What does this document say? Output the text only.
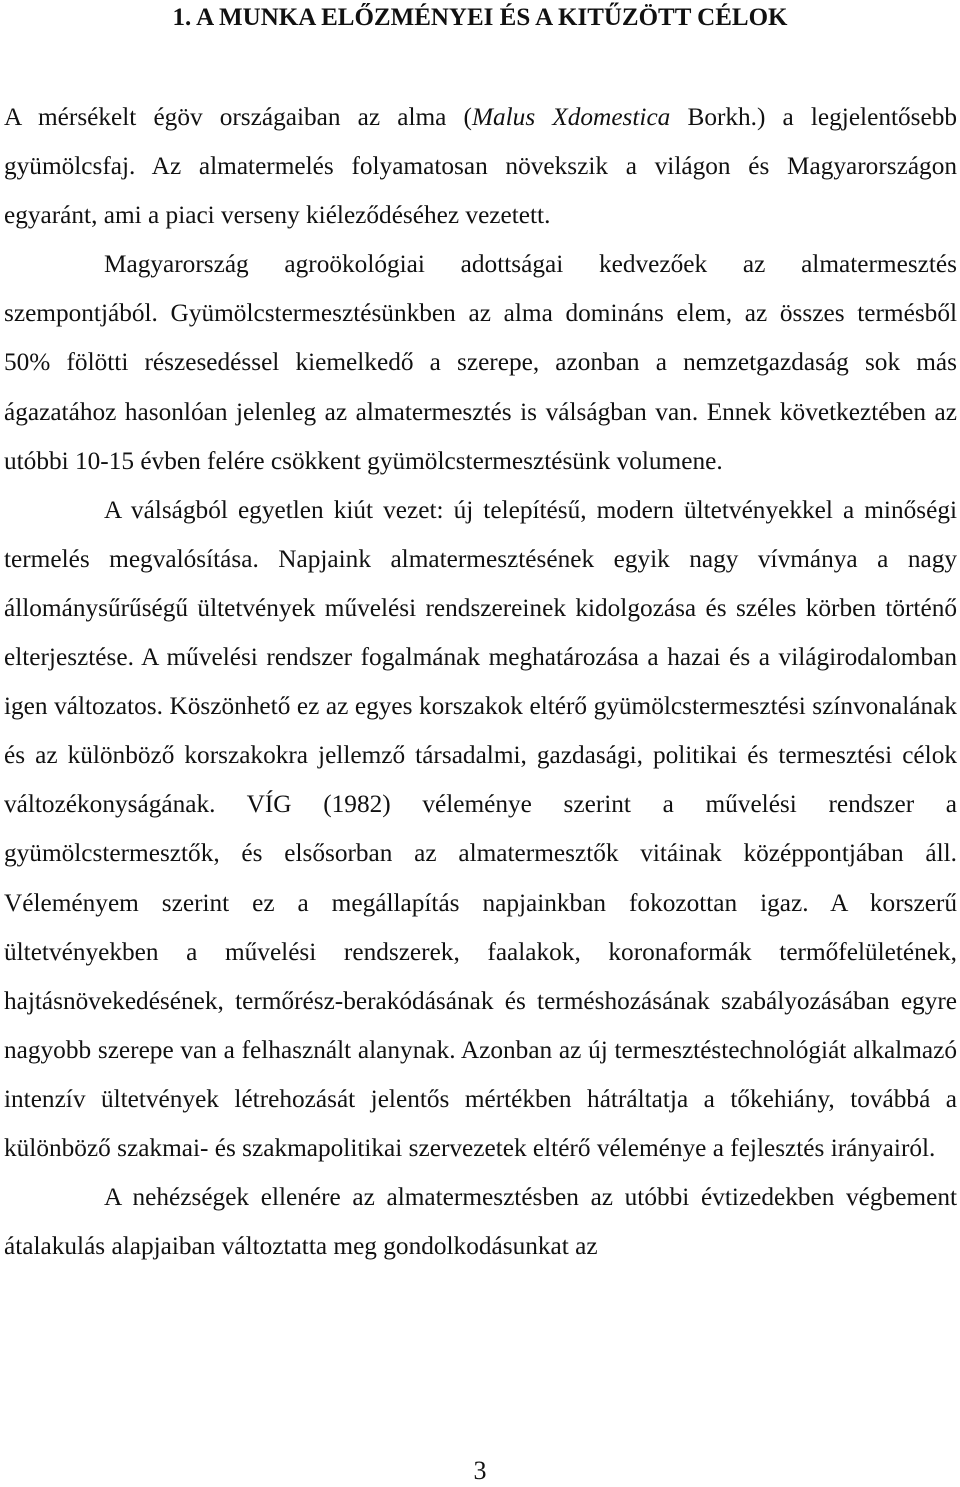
1. A MUNKA ELŐZMÉNYEI ÉS A KITŰZÖTT CÉLOK

A mérsékelt égöv országaiban az alma (Malus Xdomestica Borkh.) a legjelentősebb gyümölcsfaj. Az almatermelés folyamatosan növekszik a világon és Magyarországon egyaránt, ami a piaci verseny kiéleződéséhez vezetett.

Magyarország agroökológiai adottságai kedvezőek az almatermesztés szempontjából. Gyümölcstermesztésünkben az alma domináns elem, az összes termésből 50% fölötti részesedéssel kiemelkedő a szerepe, azonban a nemzetgazdaság sok más ágazatához hasonlóan jelenleg az almatermesztés is válságban van. Ennek következtében az utóbbi 10-15 évben felére csökkent gyümölcstermesztésünk volumene.

A válságból egyetlen kiút vezet: új telepítésű, modern ültetvényekkel a minőségi termelés megvalósítása. Napjaink almatermesztésének egyik nagy vívmánya a nagy állománysűrűségű ültetvények művelési rendszereinek kidolgozása és széles körben történő elterjesztése. A művelési rendszer fogalmának meghatározása a hazai és a világirodalomban igen változatos. Köszönhető ez az egyes korszakok eltérő gyümölcstermesztési színvonalának és az különböző korszakokra jellemző társadalmi, gazdasági, politikai és termesztési célok változékonyságának. VÍG (1982) véleménye szerint a művelési rendszer a gyümölcstermesztők, és elsősorban az almatermesztők vitáinak középpontjában áll. Véleményem szerint ez a megállapítás napjainkban fokozottan igaz. A korszerű ültetvényekben a művelési rendszerek, faalakok, koronaformák termőfelületének, hajtásnövekedésének, termőrész-berakódásának és terméshozásának szabályozásában egyre nagyobb szerepe van a felhasznált alanynak. Azonban az új termesztéstechnológiát alkalmazó intenzív ültetvények létrehozását jelentős mértékben hátráltatja a tőkehiány, továbbá a különböző szakmai- és szakmapolitikai szervezetek eltérő véleménye a fejlesztés irányairól.

A nehézségek ellenére az almatermesztésben az utóbbi évtizedekben végbement átalakulás alapjaiban változtatta meg gondolkodásunkat az

3
